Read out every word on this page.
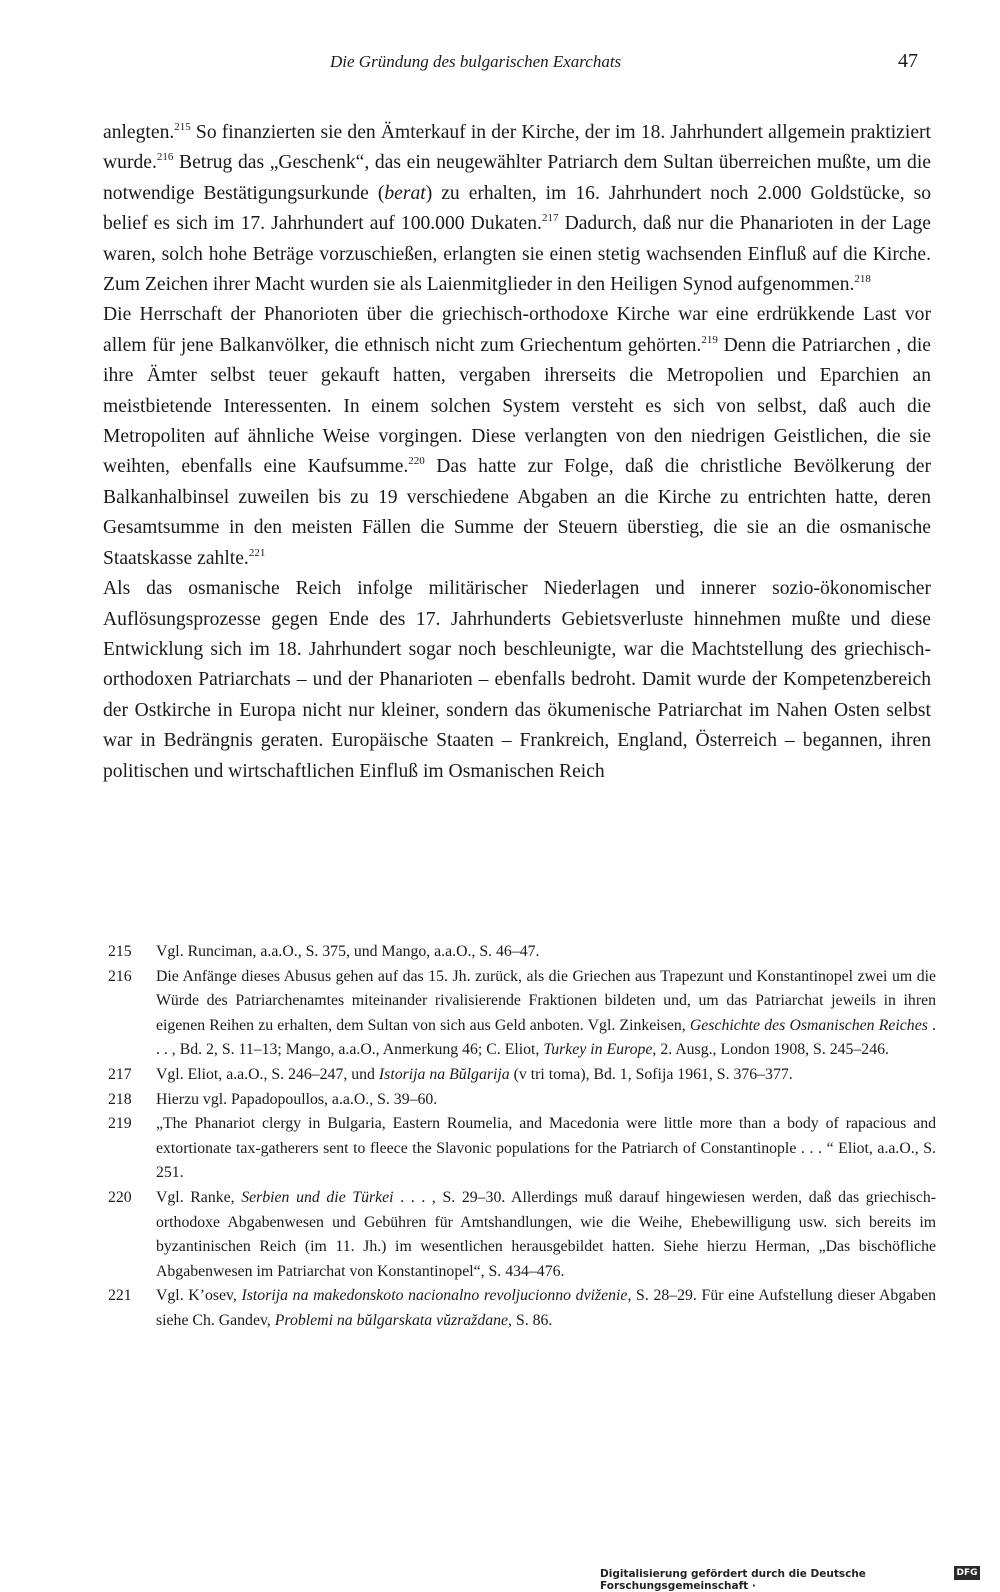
Die Gründung des bulgarischen Exarchats	47

anlegten.$^{215}$ So finanzierten sie den Ämterkauf in der Kirche, der im 18. Jahrhundert allgemein praktiziert wurde.$^{216}$ Betrug das „Geschenk“, das ein neugewählter Patriarch dem Sultan überreichen mußte, um die notwendige Bestätigungsurkunde (berat) zu erhalten, im 16. Jahrhundert noch 2.000 Goldstücke, so belief es sich im 17. Jahrhundert auf 100.000 Dukaten.$^{217}$ Dadurch, daß nur die Phanarioten in der Lage waren, solch hohe Beträge vorzuschießen, erlangten sie einen stetig wachsenden Einfluß auf die Kirche. Zum Zeichen ihrer Macht wurden sie als Laienmitglieder in den Heiligen Synod aufgenommen.$^{218}$

Die Herrschaft der Phanorioten über die griechisch-orthodoxe Kirche war eine erdrükkende Last vor allem für jene Balkanvölker, die ethnisch nicht zum Griechentum gehörten.$^{219}$ Denn die Patriarchen , die ihre Ämter selbst teuer gekauft hatten, vergaben ihrerseits die Metropolien und Eparchien an meistbietende Interessenten. In einem solchen System versteht es sich von selbst, daß auch die Metropoliten auf ähnliche Weise vorgingen. Diese verlangten von den niedrigen Geistlichen, die sie weihten, ebenfalls eine Kaufsumme.$^{220}$ Das hatte zur Folge, daß die christliche Bevölkerung der Balkanhalbinsel zuweilen bis zu 19 verschiedene Abgaben an die Kirche zu entrichten hatte, deren Gesamtsumme in den meisten Fällen die Summe der Steuern überstieg, die sie an die osmanische Staatskasse zahlte.$^{221}$

Als das osmanische Reich infolge militärischer Niederlagen und innerer sozio-ökonomischer Auflösungsprozesse gegen Ende des 17. Jahrhunderts Gebietsverluste hinnehmen mußte und diese Entwicklung sich im 18. Jahrhundert sogar noch beschleunigte, war die Machtstellung des griechisch-orthodoxen Patriarchats – und der Phanarioten – ebenfalls bedroht. Damit wurde der Kompetenzbereich der Ostkirche in Europa nicht nur kleiner, sondern das ökumenische Patriarchat im Nahen Osten selbst war in Bedrängnis geraten. Europäische Staaten – Frankreich, England, Österreich – begannen, ihren politischen und wirtschaftlichen Einfluß im Osmanischen Reich

215 Vgl. Runciman, a.a.O., S. 375, und Mango, a.a.O., S. 46–47.
216 Die Anfänge dieses Abusus gehen auf das 15. Jh. zurück, als die Griechen aus Trapezunt und Konstantinopel zwei um die Würde des Patriarchenamtes miteinander rivalisierende Fraktionen bildeten und, um das Patriarchat jeweils in ihren eigenen Reihen zu erhalten, dem Sultan von sich aus Geld anboten. Vgl. Zinkeisen, Geschichte des Osmanischen Reiches . . . , Bd. 2, S. 11–13; Mango, a.a.O., Anmerkung 46; C. Eliot, Turkey in Europe, 2. Ausg., London 1908, S. 245–246.
217 Vgl. Eliot, a.a.O., S. 246–247, und Istorija na Bŭlgarija (v tri toma), Bd. 1, Sofija 1961, S. 376–377.
218 Hierzu vgl. Papadopoullos, a.a.O., S. 39–60.
219 „The Phanariot clergy in Bulgaria, Eastern Roumelia, and Macedonia were little more than a body of rapacious and extortionate tax-gatherers sent to fleece the Slavonic populations for the Patriarch of Constantinople . . . “ Eliot, a.a.O., S. 251.
220 Vgl. Ranke, Serbien und die Türkei . . . , S. 29–30. Allerdings muß darauf hingewiesen werden, daß das griechisch-orthodoxe Abgabenwesen und Gebühren für Amtshandlungen, wie die Weihe, Ehebewilligung usw. sich bereits im byzantinischen Reich (im 11. Jh.) im wesentlichen herausgebildet hatten. Siehe hierzu Herman, „Das bischöfliche Abgabenwesen im Patriarchat von Konstantinopel“, S. 434–476.
221 Vgl. K’osev, Istorija na makedonskoto nacionalno revoljucionno dviženie, S. 28–29. Für eine Aufstellung dieser Abgaben siehe Ch. Gandev, Problemi na bŭlgarskata vŭzraždane, S. 86.
Digitalisierung gefördert durch die Deutsche Forschungsgemeinschaft ·
DFG
